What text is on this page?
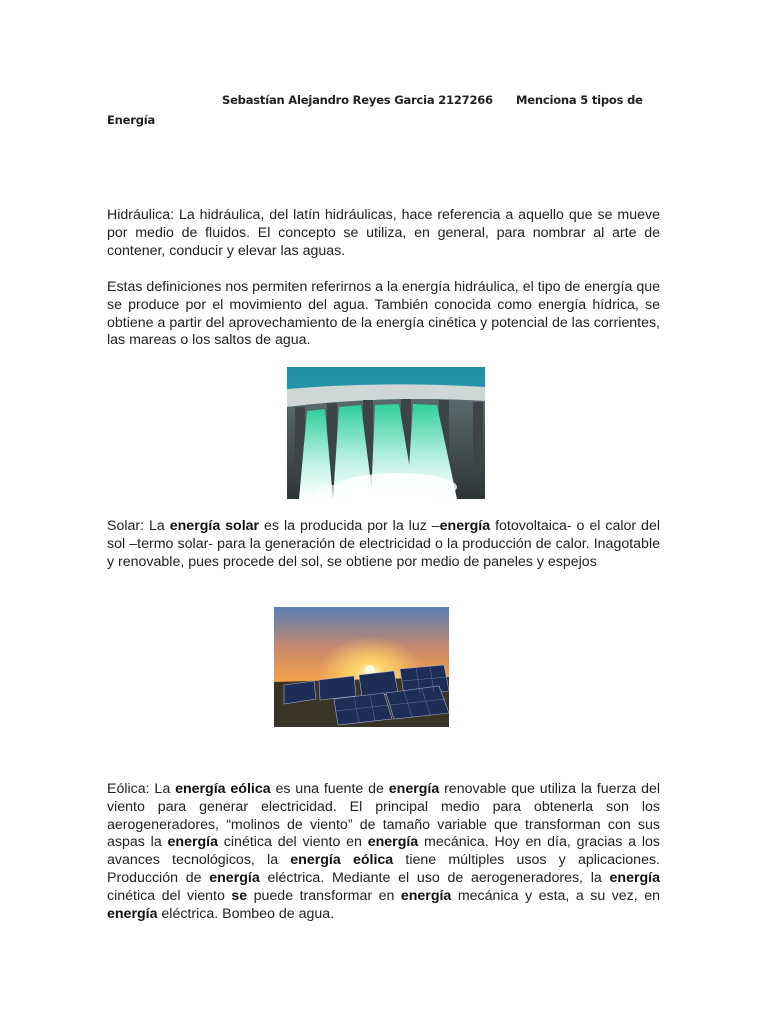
Sebastían Alejandro Reyes Garcia 2127266 Menciona 5 tipos de
Energía

Hidráulica: La hidráulica, del latín hidráulicas, hace referencia a aquello que se mueve por medio de fluidos. El concepto se utiliza, en general, para nombrar al arte de contener, conducir y elevar las aguas.

Estas definiciones nos permiten referirnos a la energía hidráulica, el tipo de energía que se produce por el movimiento del agua. También conocida como energía hídrica, se obtiene a partir del aprovechamiento de la energía cinética y potencial de las corrientes, las mareas o los saltos de agua.

Solar: La energía solar es la producida por la luz –energía fotovoltaica- o el calor del sol –termo solar- para la generación de electricidad o la producción de calor. Inagotable y renovable, pues procede del sol, se obtiene por medio de paneles y espejos

Eólica: La energía eólica es una fuente de energía renovable que utiliza la fuerza del viento para generar electricidad. El principal medio para obtenerla son los aerogeneradores, “molinos de viento” de tamaño variable que transforman con sus aspas la energía cinética del viento en energía mecánica. Hoy en día, gracias a los avances tecnológicos, la energía eólica tiene múltiples usos y aplicaciones. Producción de energía eléctrica. Mediante el uso de aerogeneradores, la energía cinética del viento se puede transformar en energía mecánica y esta, a su vez, en energía eléctrica. Bombeo de agua.
